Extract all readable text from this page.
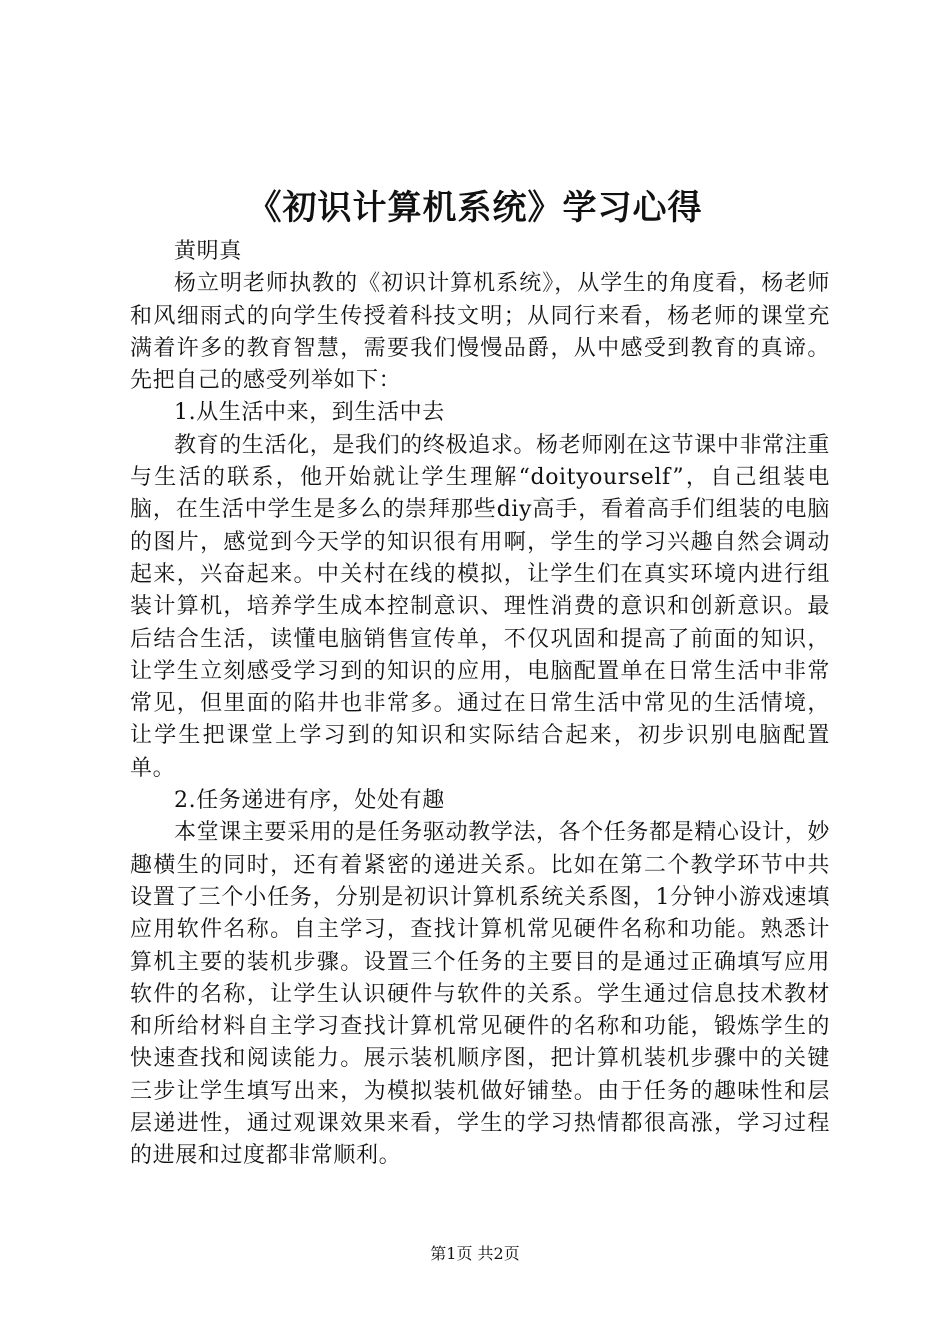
《初识计算机系统》学习心得

黄明真

杨立明老师执教的《初识计算机系统》，从学生的角度看，杨老师和风细雨式的向学生传授着科技文明；从同行来看，杨老师的课堂充满着许多的教育智慧，需要我们慢慢品爵，从中感受到教育的真谛。先把自己的感受列举如下：

1.从生活中来，到生活中去

教育的生活化，是我们的终极追求。杨老师刚在这节课中非常注重与生活的联系，他开始就让学生理解“doityourself”，自己组装电脑，在生活中学生是多么的崇拜那些diy高手，看着高手们组装的电脑的图片，感觉到今天学的知识很有用啊，学生的学习兴趣自然会调动起来，兴奋起来。中关村在线的模拟，让学生们在真实环境内进行组装计算机，培养学生成本控制意识、理性消费的意识和创新意识。最后结合生活，读懂电脑销售宣传单，不仅巩固和提高了前面的知识，让学生立刻感受学习到的知识的应用，电脑配置单在日常生活中非常常见，但里面的陷井也非常多。通过在日常生活中常见的生活情境，让学生把课堂上学习到的知识和实际结合起来，初步识别电脑配置单。

2.任务递进有序，处处有趣

本堂课主要采用的是任务驱动教学法，各个任务都是精心设计，妙趣横生的同时，还有着紧密的递进关系。比如在第二个教学环节中共设置了三个小任务，分别是初识计算机系统关系图，1分钟小游戏速填应用软件名称。自主学习，查找计算机常见硬件名称和功能。熟悉计算机主要的装机步骤。设置三个任务的主要目的是通过正确填写应用软件的名称，让学生认识硬件与软件的关系。学生通过信息技术教材和所给材料自主学习查找计算机常见硬件的名称和功能，锻炼学生的快速查找和阅读能力。展示装机顺序图，把计算机装机步骤中的关键三步让学生填写出来，为模拟装机做好铺垫。由于任务的趣味性和层层递进性，通过观课效果来看，学生的学习热情都很高涨，学习过程的进展和过度都非常顺利。

第1页 共2页
